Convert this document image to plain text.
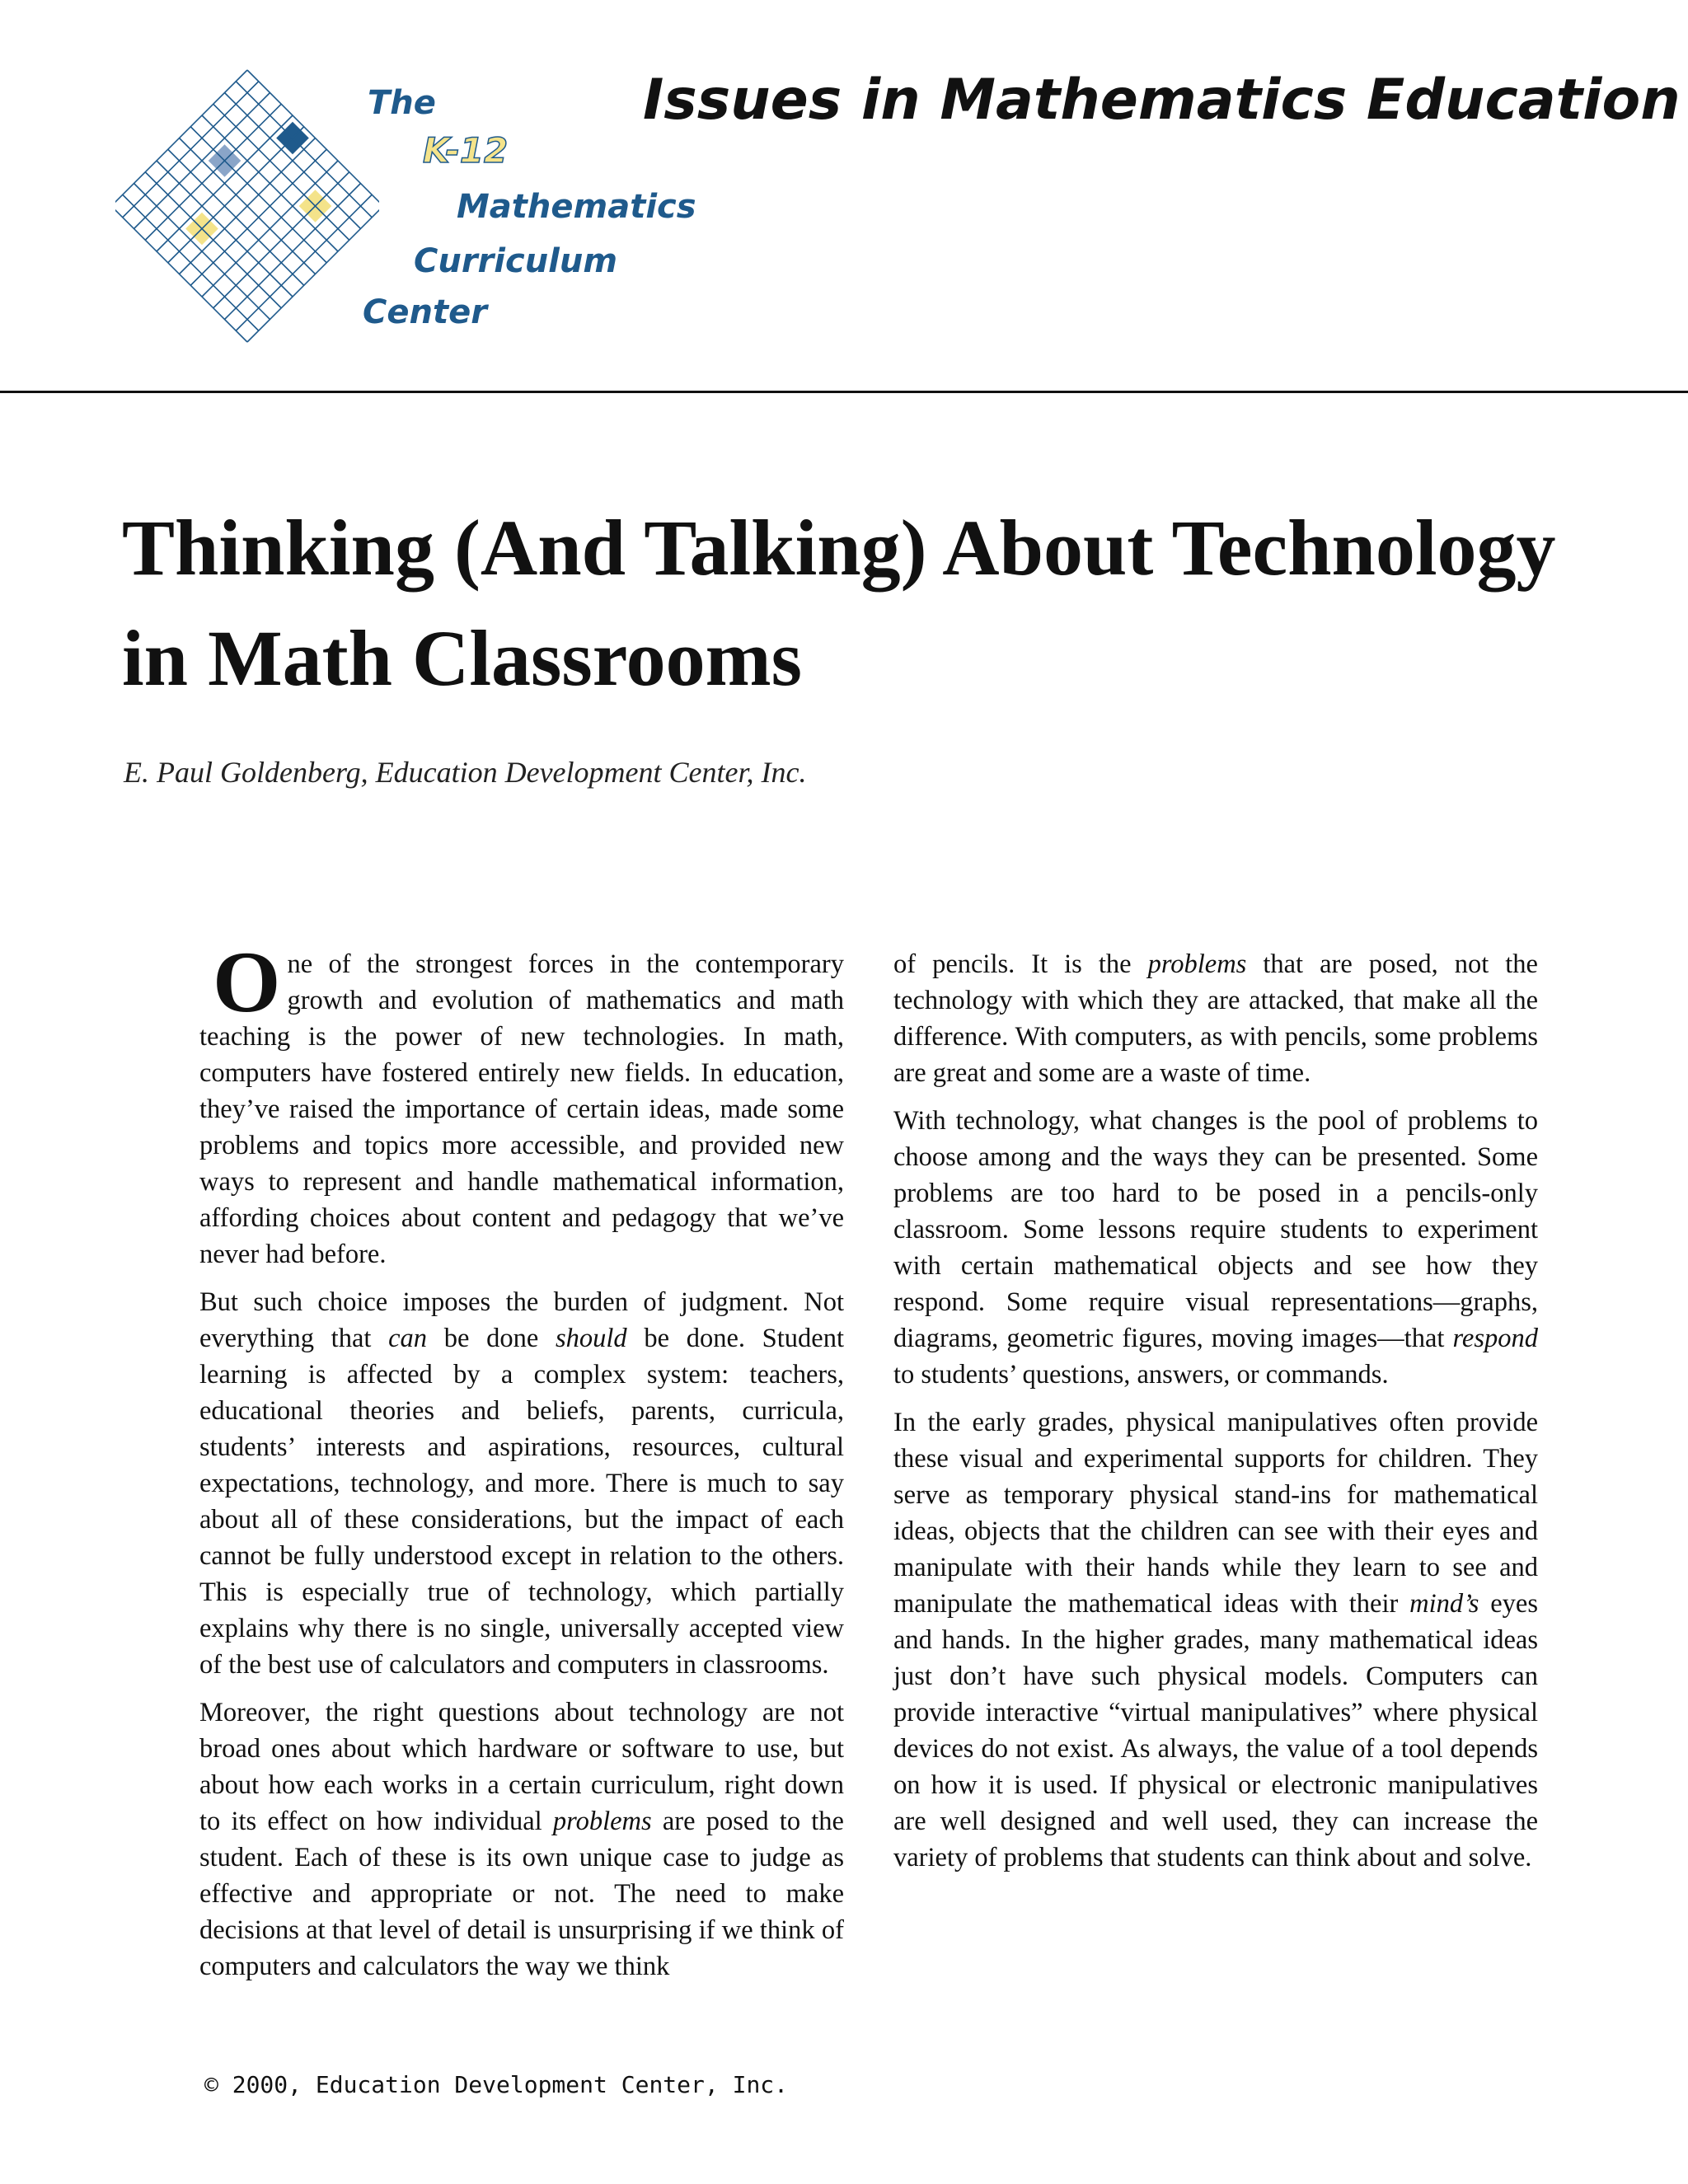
The

K-12

Mathematics

Curriculum

Center

Issues in Mathematics Education
Thinking (And Talking) About Technology in Math Classrooms

E. Paul Goldenberg, Education Development Center, Inc.

One of the strongest forces in the contemporary growth and evolution of mathematics and math teaching is the power of new technologies. In math, computers have fostered entirely new fields. In education, they’ve raised the importance of certain ideas, made some problems and topics more accessible, and provided new ways to represent and handle mathematical information, affording choices about content and pedagogy that we’ve never had before.

But such choice imposes the burden of judgment. Not everything that can be done should be done. Student learning is affected by a complex system: teachers, educational theories and beliefs, parents, curricula, students’ interests and aspirations, resources, cultural expectations, technology, and more. There is much to say about all of these considerations, but the impact of each cannot be fully understood except in relation to the others. This is especially true of technology, which partially explains why there is no single, universally accepted view of the best use of calculators and computers in classrooms.

Moreover, the right questions about technology are not broad ones about which hardware or software to use, but about how each works in a certain curriculum, right down to its effect on how individual problems are posed to the student. Each of these is its own unique case to judge as effective and appropriate or not. The need to make decisions at that level of detail is unsurprising if we think of computers and calculators the way we think

of pencils. It is the problems that are posed, not the technology with which they are attacked, that make all the difference. With computers, as with pencils, some problems are great and some are a waste of time.

With technology, what changes is the pool of problems to choose among and the ways they can be presented. Some problems are too hard to be posed in a pencils-only classroom. Some lessons require students to experiment with certain mathematical objects and see how they respond. Some require visual representations—graphs, diagrams, geometric figures, moving images—that respond to students’ questions, answers, or commands.

In the early grades, physical manipulatives often provide these visual and experimental supports for children. They serve as temporary physical stand-ins for mathematical ideas, objects that the children can see with their eyes and manipulate with their hands while they learn to see and manipulate the mathematical ideas with their mind’s eyes and hands. In the higher grades, many mathematical ideas just don’t have such physical models. Computers can provide interactive “virtual manipulatives” where physical devices do not exist. As always, the value of a tool depends on how it is used. If physical or electronic manipulatives are well designed and well used, they can increase the variety of problems that students can think about and solve.

© 2000, Education Development Center, Inc.
